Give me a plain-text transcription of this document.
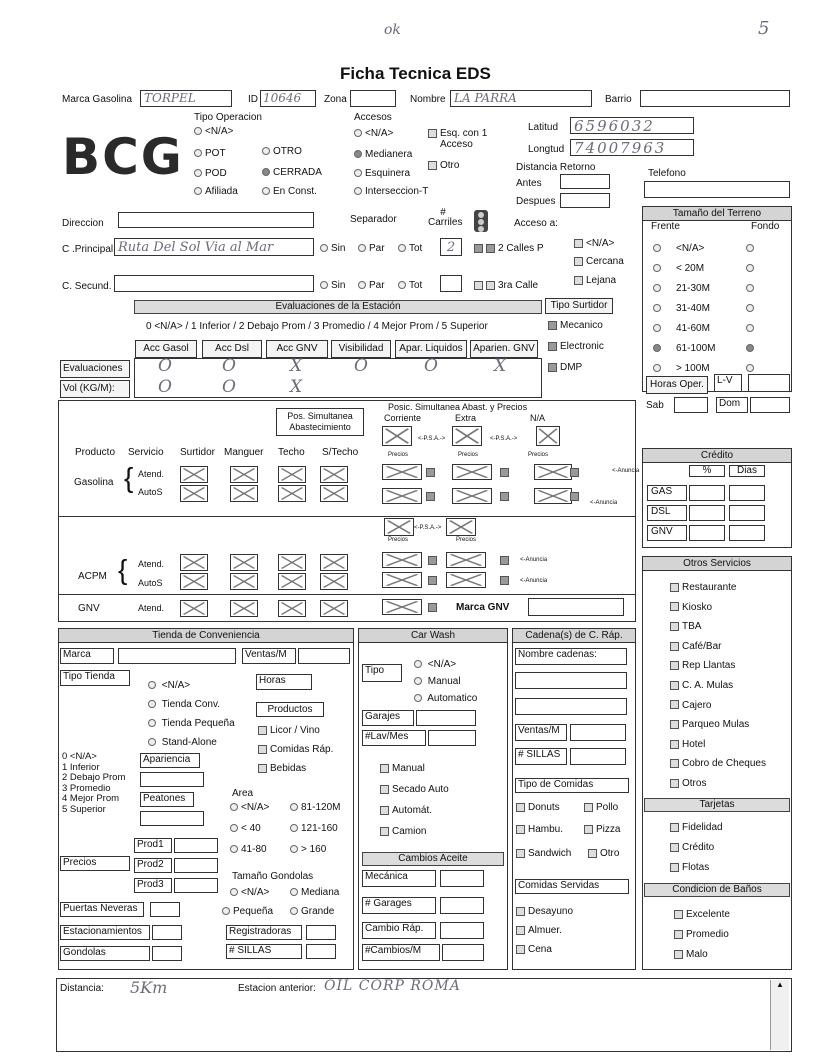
ok	5
Ficha Tecnica EDS
Marca Gasolina TORPEL	ID 10646	Zona	Nombre LA PARRA	Barrio
BCG
Tipo Operacion
<N/A>
POT
POD
Afiliada
OTRO
CERRADA
En Const.
Accesos
<N/A>
Medianera
Esquinera
Interseccion-T
Esq. con 1 Acceso
Otro
Latitud 6596032
Longtud 74007963
Distancia Retorno
Antes
Despues
Telefono
Direccion	Separador
# Carriles	Acceso a:
C .Principal Ruta Del Sol Via al Mar	Sin	Par	Tot	2	2 Calles P
C. Secund.	Sin	Par	Tot	3ra Calle
<N/A>
Cercana
Lejana
Tamaño del Terreno
Frente	Fondo
<N/A>
< 20M
21-30M
31-40M
41-60M
61-100M
> 100M
Evaluaciones de la Estación	Tipo Surtidor
0 <N/A> / 1 Inferior / 2 Debajo Prom / 3 Promedio / 4 Mejor Prom / 5 Superior	Mecanico
Electronic
DMP
Acc Gasol	Acc Dsl	Acc GNV	Visibilidad	Apar. Liquidos	Aparien. GNV
Evaluaciones
Vol (KG/M):
O	O	X	O	O	X
O	O	X	Horas Oper.	L-V
Sab	Dom
Crédito
%	Dias
GAS
DSL
GNV
Pos. Simultanea Abastecimiento
Posic. Simultanea Abast. y Precios
Corriente	Extra	N/A
Producto Servicio Surtidor Manguer Techo S/Techo
Gasolina { Atend.
AutoS
ACPM { Atend.
AutoS
GNV	Atend.	Marca GNV
<-P.S.A.->	<-P.S.A.->
Precios	Precios	Precios
<-Anuncia
<-Anuncia
<-P.S.A.->
Precios	Precios
<-Anuncia
<-Anuncia
Otros Servicios
Restaurante
Kiosko
TBA
Café/Bar
Rep Llantas
C. A. Mulas
Cajero
Parqueo Mulas
Hotel
Cobro de Cheques
Otros
Tarjetas
Fidelidad
Crédito
Flotas
Condicion de Baños
Excelente
Promedio
Malo
Tienda de Conveniencia
Marca	Ventas/M
Tipo Tienda	Horas
<N/A>
Tienda Conv.
Tienda Pequeña
Stand-Alone
Productos
Licor / Vino
Comidas Ráp.
Bebidas
0 <N/A>
1 Inferior
2 Debajo Prom
3 Promedio
4 Mejor Prom
5 Superior
Apariencia
Peatones	Area
<N/A>
< 40
41-80
81-120M
121-160
> 160
Prod1
Precios	Prod2
Prod3
Tamaño Gondolas
<N/A>	Mediana
Pequeña	Grande
Puertas Neveras
Estacionamientos
Gondolas
Registradoras
# SILLAS
Car Wash
Tipo
<N/A>
Manual
Automatico
Garajes
#Lav/Mes
Manual
Secado Auto
Automát.
Camion
Cambios Aceite
Mecánica
# Garages
Cambio Ráp.
#Cambios/M
Cadena(s) de C. Ráp.
Nombre cadenas:
Ventas/M
# SILLAS
Tipo de Comidas
Donuts	Pollo
Hambu.	Pizza
Sandwich	Otro
Comidas Servidas
Desayuno
Almuer.
Cena
Distancia: 5Km	Estacion anterior: OIL CORP ROMA	▲
